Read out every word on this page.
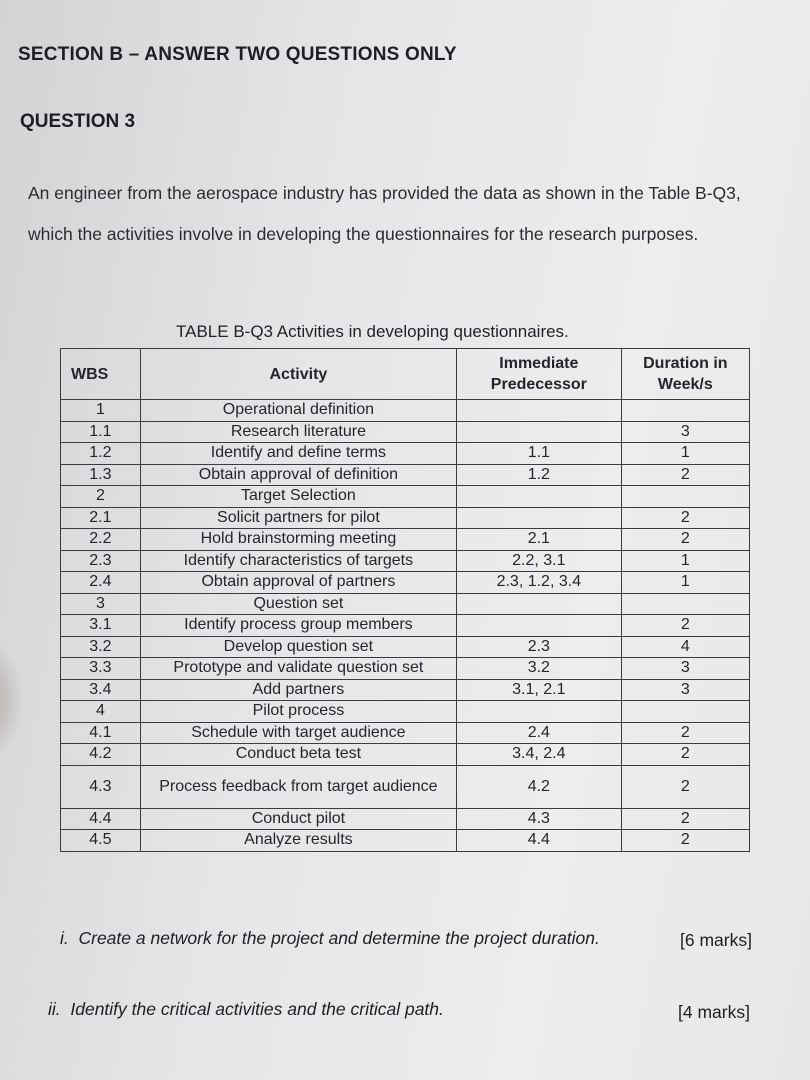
SECTION B – ANSWER TWO QUESTIONS ONLY
QUESTION 3
An engineer from the aerospace industry has provided the data as shown in the Table B-Q3, which the activities involve in developing the questionnaires for the research purposes.
TABLE B-Q3 Activities in developing questionnaires.
WBS	Activity	Immediate Predecessor	Duration in Week/s
1	Operational definition		
1.1	Research literature		3
1.2	Identify and define terms	1.1	1
1.3	Obtain approval of definition	1.2	2
2	Target Selection		
2.1	Solicit partners for pilot		2
2.2	Hold brainstorming meeting	2.1	2
2.3	Identify characteristics of targets	2.2, 3.1	1
2.4	Obtain approval of partners	2.3, 1.2, 3.4	1
3	Question set		
3.1	Identify process group members		2
3.2	Develop question set	2.3	4
3.3	Prototype and validate question set	3.2	3
3.4	Add partners	3.1, 2.1	3
4	Pilot process		
4.1	Schedule with target audience	2.4	2
4.2	Conduct beta test	3.4, 2.4	2
4.3	Process feedback from target audience	4.2	2
4.4	Conduct pilot	4.3	2
4.5	Analyze results	4.4	2
i. Create a network for the project and determine the project duration.	[6 marks]
ii. Identify the critical activities and the critical path.	[4 marks]
